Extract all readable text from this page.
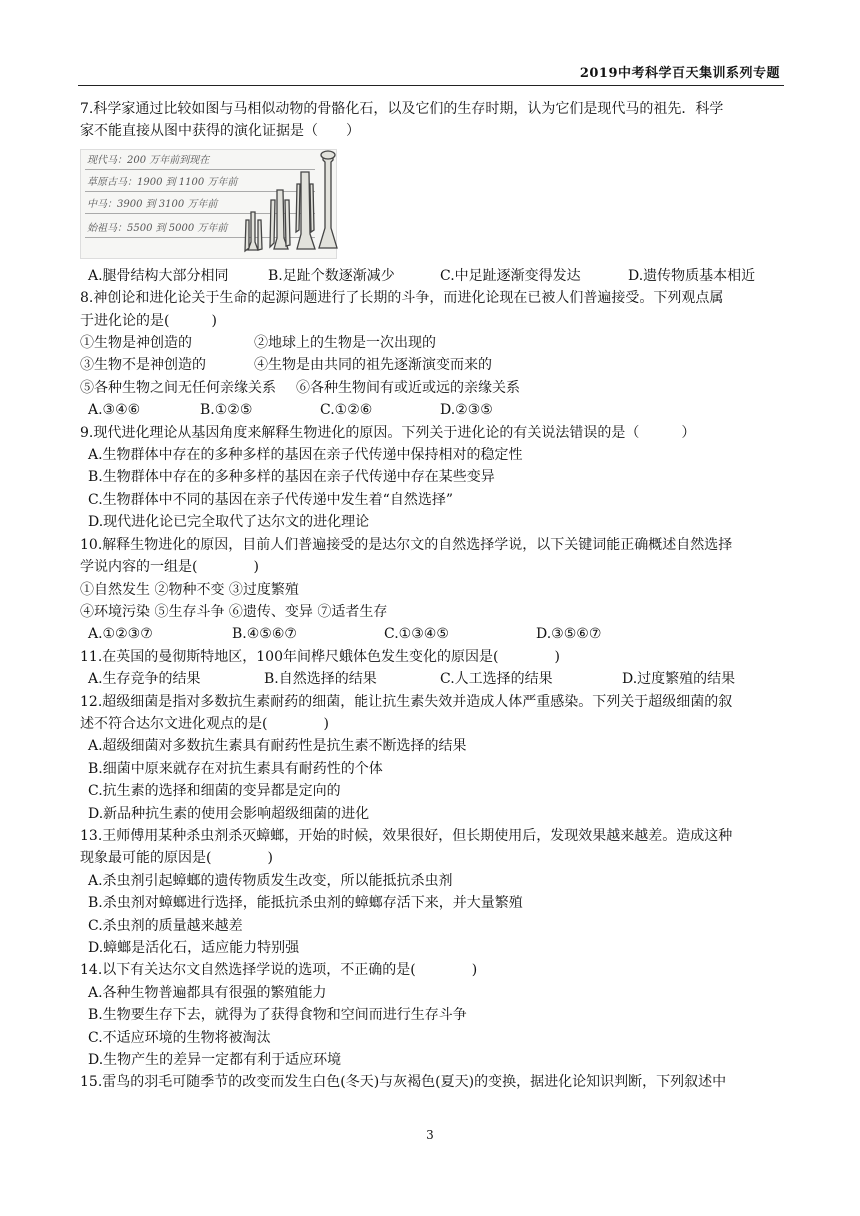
2019中考科学百天集训系列专题
7.科学家通过比较如图与马相似动物的骨骼化石，以及它们的生存时期，认为它们是现代马的祖先．科学
家不能直接从图中获得的演化证据是（　　）
现代马：200 万年前到现在
草原古马：1900 到 1100 万年前
中马：3900 到 3100 万年前
始祖马：5500 到 5000 万年前
A.腿骨结构大部分相同	B.足趾个数逐渐减少	C.中足趾逐渐变得发达	D.遗传物质基本相近
8.神创论和进化论关于生命的起源问题进行了长期的斗争，而进化论现在已被人们普遍接受。下列观点属
于进化论的是(　　　)
①生物是神创造的	②地球上的生物是一次出现的
③生物不是神创造的	④生物是由共同的祖先逐渐演变而来的
⑤各种生物之间无任何亲缘关系 ⑥各种生物间有或近或远的亲缘关系
A.③④⑥	B.①②⑤	C.①②⑥	D.②③⑤
9.现代进化理论从基因角度来解释生物进化的原因。下列关于进化论的有关说法错误的是（　　　）
A.生物群体中存在的多种多样的基因在亲子代传递中保持相对的稳定性
B.生物群体中存在的多种多样的基因在亲子代传递中存在某些变异
C.生物群体中不同的基因在亲子代传递中发生着“自然选择”
D.现代进化论已完全取代了达尔文的进化理论
10.解释生物进化的原因，目前人们普遍接受的是达尔文的自然选择学说，以下关键词能正确概述自然选择
学说内容的一组是(　　　　)
①自然发生 ②物种不变 ③过度繁殖
④环境污染 ⑤生存斗争 ⑥遗传、变异 ⑦适者生存
A.①②③⑦	B.④⑤⑥⑦	C.①③④⑤	D.③⑤⑥⑦
11.在英国的曼彻斯特地区，100年间桦尺蛾体色发生变化的原因是(　　　　)
A.生存竞争的结果	B.自然选择的结果	C.人工选择的结果	D.过度繁殖的结果
12.超级细菌是指对多数抗生素耐药的细菌，能让抗生素失效并造成人体严重感染。下列关于超级细菌的叙
述不符合达尔文进化观点的是(　　　　)
A.超级细菌对多数抗生素具有耐药性是抗生素不断选择的结果
B.细菌中原来就存在对抗生素具有耐药性的个体
C.抗生素的选择和细菌的变异都是定向的
D.新品种抗生素的使用会影响超级细菌的进化
13.王师傅用某种杀虫剂杀灭蟑螂，开始的时候，效果很好，但长期使用后，发现效果越来越差。造成这种
现象最可能的原因是(　　　　)
A.杀虫剂引起蟑螂的遗传物质发生改变，所以能抵抗杀虫剂
B.杀虫剂对蟑螂进行选择，能抵抗杀虫剂的蟑螂存活下来，并大量繁殖
C.杀虫剂的质量越来越差
D.蟑螂是活化石，适应能力特别强
14.以下有关达尔文自然选择学说的选项，不正确的是(　　　　)
A.各种生物普遍都具有很强的繁殖能力
B.生物要生存下去，就得为了获得食物和空间而进行生存斗争
C.不适应环境的生物将被淘汰
D.生物产生的差异一定都有利于适应环境
15.雷鸟的羽毛可随季节的改变而发生白色(冬天)与灰褐色(夏天)的变换，据进化论知识判断，下列叙述中
3
